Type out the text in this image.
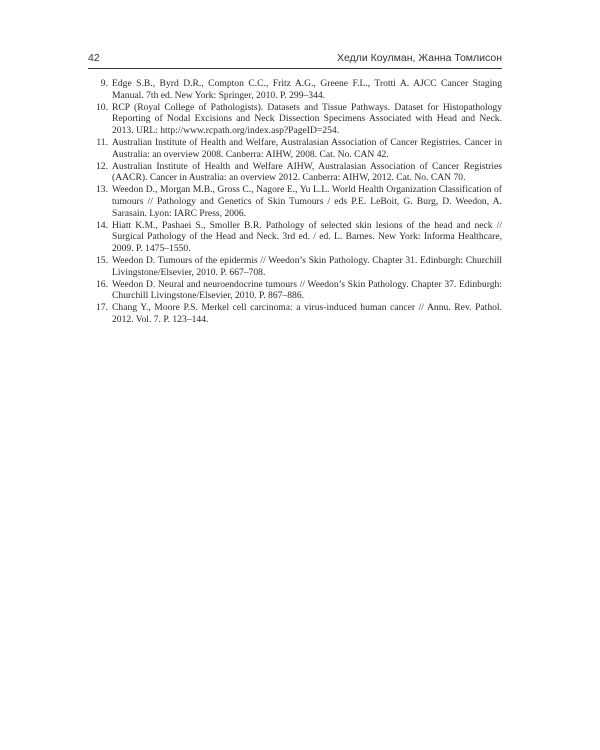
42	Хедли Коулман, Жанна Томлисон
9. Edge S.B., Byrd D.R., Compton C.C., Fritz A.G., Greene F.L., Trotti A. AJCC Cancer Staging Manual. 7th ed. New York: Springer, 2010. P. 299–344.
10. RCP (Royal College of Pathologists). Datasets and Tissue Pathways. Dataset for Histopathology Reporting of Nodal Excisions and Neck Dissection Specimens Associated with Head and Neck. 2013. URL: http://www.rcpath.org/index.asp?PageID=254.
11. Australian Institute of Health and Welfare, Australasian Association of Cancer Registries. Cancer in Australia: an overview 2008. Canberra: AIHW, 2008. Cat. No. CAN 42.
12. Australian Institute of Health and Welfare AIHW, Australasian Association of Cancer Registries (AACR). Cancer in Australia: an overview 2012. Canberra: AIHW, 2012. Cat. No. CAN 70.
13. Weedon D., Morgan M.B., Gross C., Nagore E., Yu L.L. World Health Organization Classification of tumours // Pathology and Genetics of Skin Tumours / eds P.E. LeBoit, G. Burg, D. Weedon, A. Sarasain. Lyon: IARC Press, 2006.
14. Hiatt K.M., Pashaei S., Smoller B.R. Pathology of selected skin lesions of the head and neck // Surgical Pathology of the Head and Neck. 3rd ed. / ed. L. Barnes. New York: Informa Healthcare, 2009. P. 1475–1550.
15. Weedon D. Tumours of the epidermis // Weedon’s Skin Pathology. Chapter 31. Edinburgh: Churchill Livingstone/Elsevier, 2010. P. 667–708.
16. Weedon D. Neural and neuroendocrine tumours // Weedon’s Skin Pathology. Chapter 37. Edinburgh: Churchill Livingstone/Elsevier, 2010. P. 867–886.
17. Chang Y., Moore P.S. Merkel cell carcinoma: a virus-induced human cancer // Annu. Rev. Pathol. 2012. Vol. 7. P. 123–144.
